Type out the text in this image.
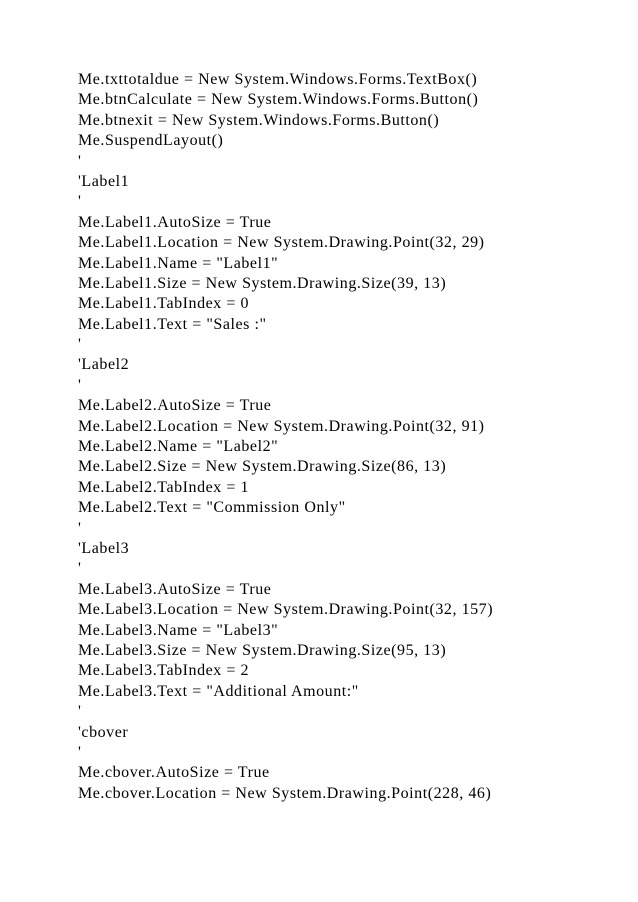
Me.txttotaldue = New System.Windows.Forms.TextBox()
Me.btnCalculate = New System.Windows.Forms.Button()
Me.btnexit = New System.Windows.Forms.Button()
Me.SuspendLayout()
'
'Label1
'
Me.Label1.AutoSize = True
Me.Label1.Location = New System.Drawing.Point(32, 29)
Me.Label1.Name = "Label1"
Me.Label1.Size = New System.Drawing.Size(39, 13)
Me.Label1.TabIndex = 0
Me.Label1.Text = "Sales :"
'
'Label2
'
Me.Label2.AutoSize = True
Me.Label2.Location = New System.Drawing.Point(32, 91)
Me.Label2.Name = "Label2"
Me.Label2.Size = New System.Drawing.Size(86, 13)
Me.Label2.TabIndex = 1
Me.Label2.Text = "Commission Only"
'
'Label3
'
Me.Label3.AutoSize = True
Me.Label3.Location = New System.Drawing.Point(32, 157)
Me.Label3.Name = "Label3"
Me.Label3.Size = New System.Drawing.Size(95, 13)
Me.Label3.TabIndex = 2
Me.Label3.Text = "Additional Amount:"
'
'cbover
'
Me.cbover.AutoSize = True
Me.cbover.Location = New System.Drawing.Point(228, 46)
